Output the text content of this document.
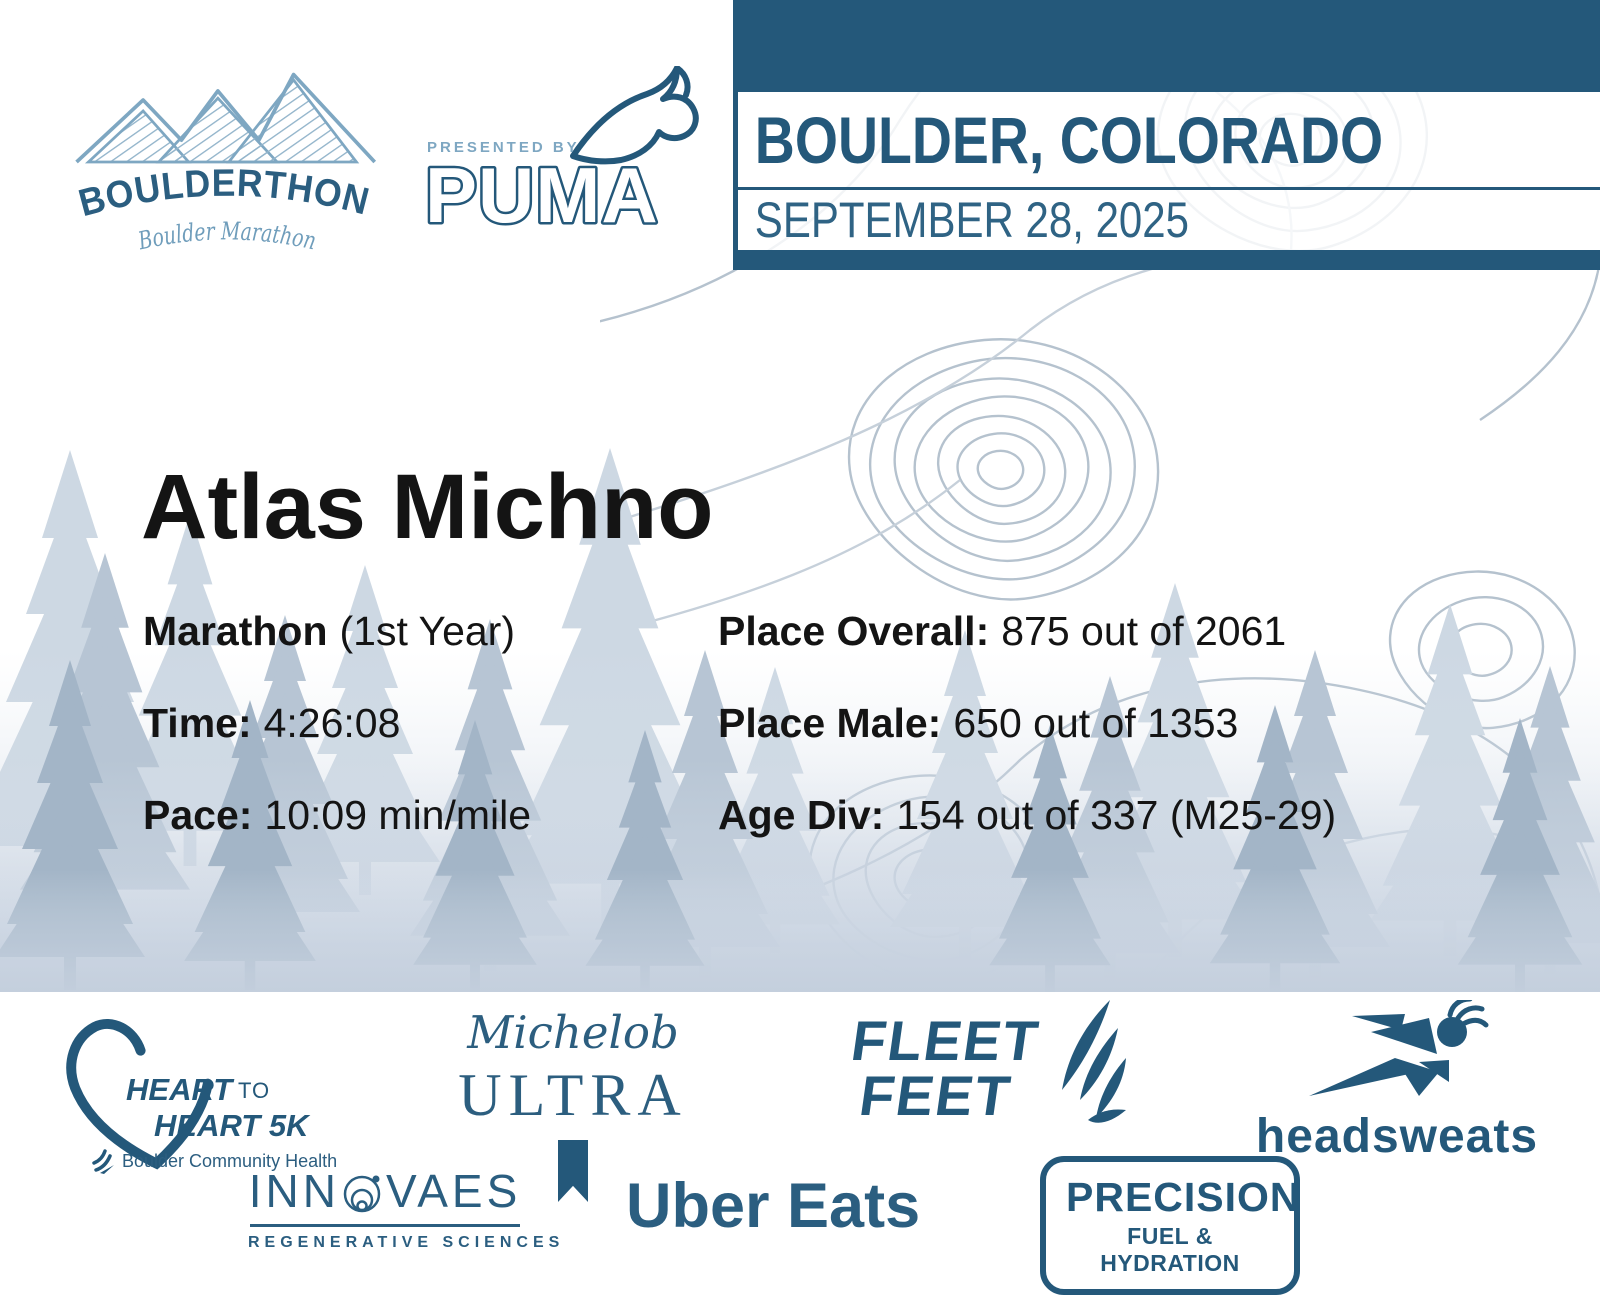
BOULDERTHON
Boulder Marathon
PRESENTED BY
PUMA
BOULDER, COLORADO
SEPTEMBER 28, 2025
Atlas Michno
Marathon (1st Year)
Time: 4:26:08
Pace: 10:09 min/mile
Place Overall: 875 out of 2061
Place Male: 650 out of 1353
Age Div: 154 out of 337 (M25-29)
HEART TO
HEART 5K
Boulder Community Health
Michelob
ULTRA
FLEET
FEET
headsweats
INN VAES
REGENERATIVE SCIENCES
Uber Eats	PRECISION
FUEL & HYDRATION
